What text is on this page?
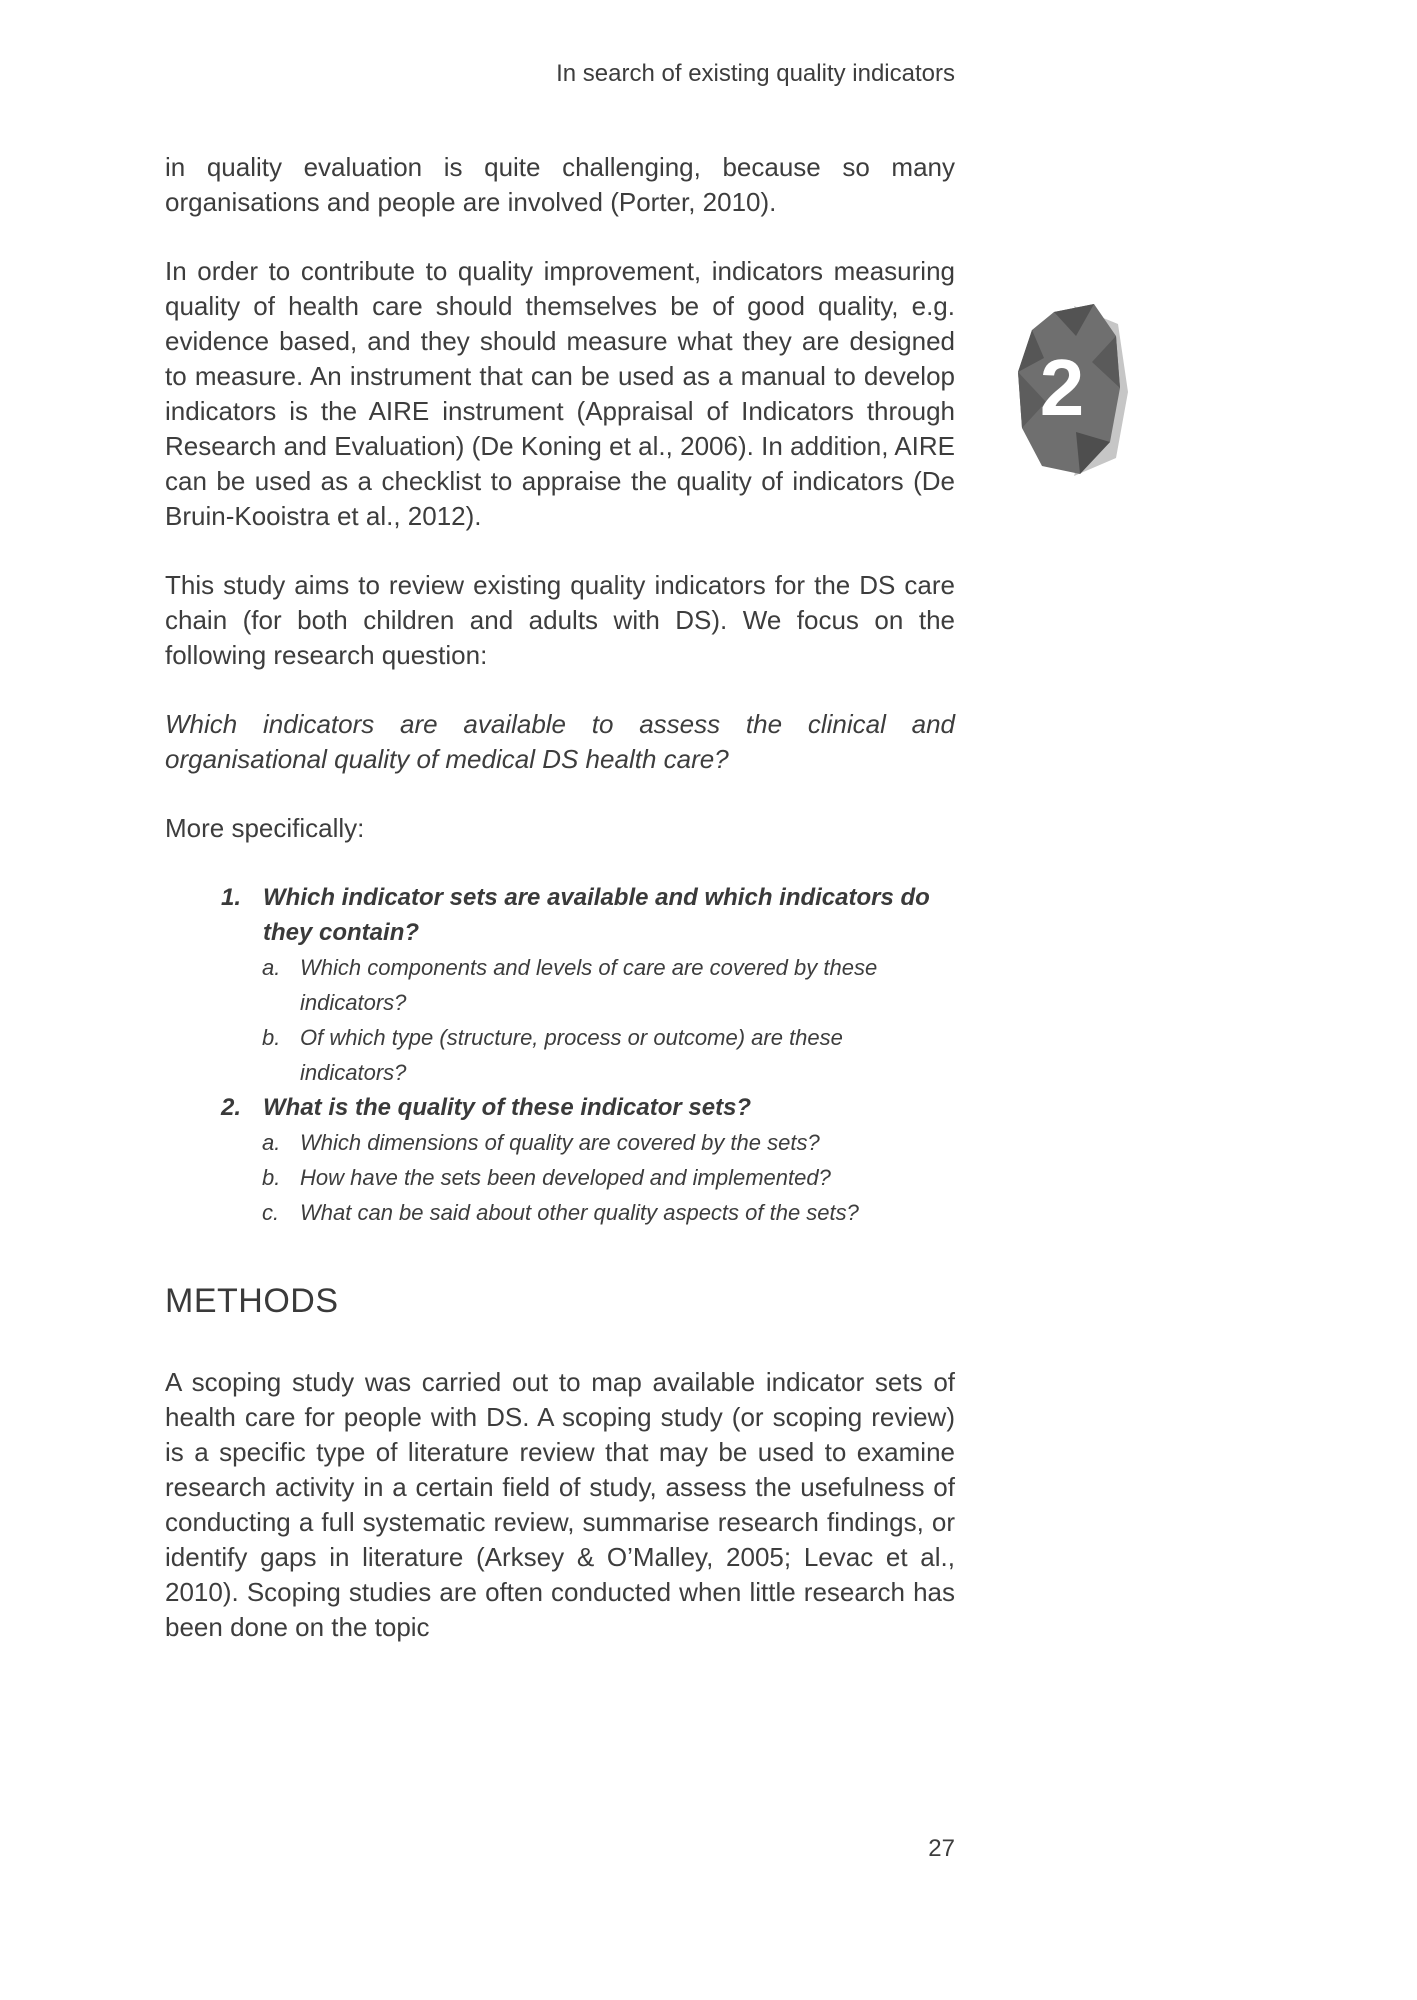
In search of existing quality indicators
2

in quality evaluation is quite challenging, because so many organisations and people are involved (Porter, 2010).

In order to contribute to quality improvement, indicators measuring quality of health care should themselves be of good quality, e.g. evidence based, and they should measure what they are designed to measure. An instrument that can be used as a manual to develop indicators is the AIRE instrument (Appraisal of Indicators through Research and Evaluation) (De Koning et al., 2006). In addition, AIRE can be used as a checklist to appraise the quality of indicators (De Bruin-Kooistra et al., 2012).

This study aims to review existing quality indicators for the DS care chain (for both children and adults with DS). We focus on the following research question:

Which indicators are available to assess the clinical and organisational quality of medical DS health care?

More specifically:

1. Which indicator sets are available and which indicators do they contain?
a. Which components and levels of care are covered by these indicators?
b. Of which type (structure, process or outcome) are these indicators?
2. What is the quality of these indicator sets?
a. Which dimensions of quality are covered by the sets?
b. How have the sets been developed and implemented?
c. What can be said about other quality aspects of the sets?
METHODS

A scoping study was carried out to map available indicator sets of health care for people with DS. A scoping study (or scoping review) is a specific type of literature review that may be used to examine research activity in a certain field of study, assess the usefulness of conducting a full systematic review, summarise research findings, or identify gaps in literature (Arksey & O’Malley, 2005; Levac et al., 2010). Scoping studies are often conducted when little research has been done on the topic

27
